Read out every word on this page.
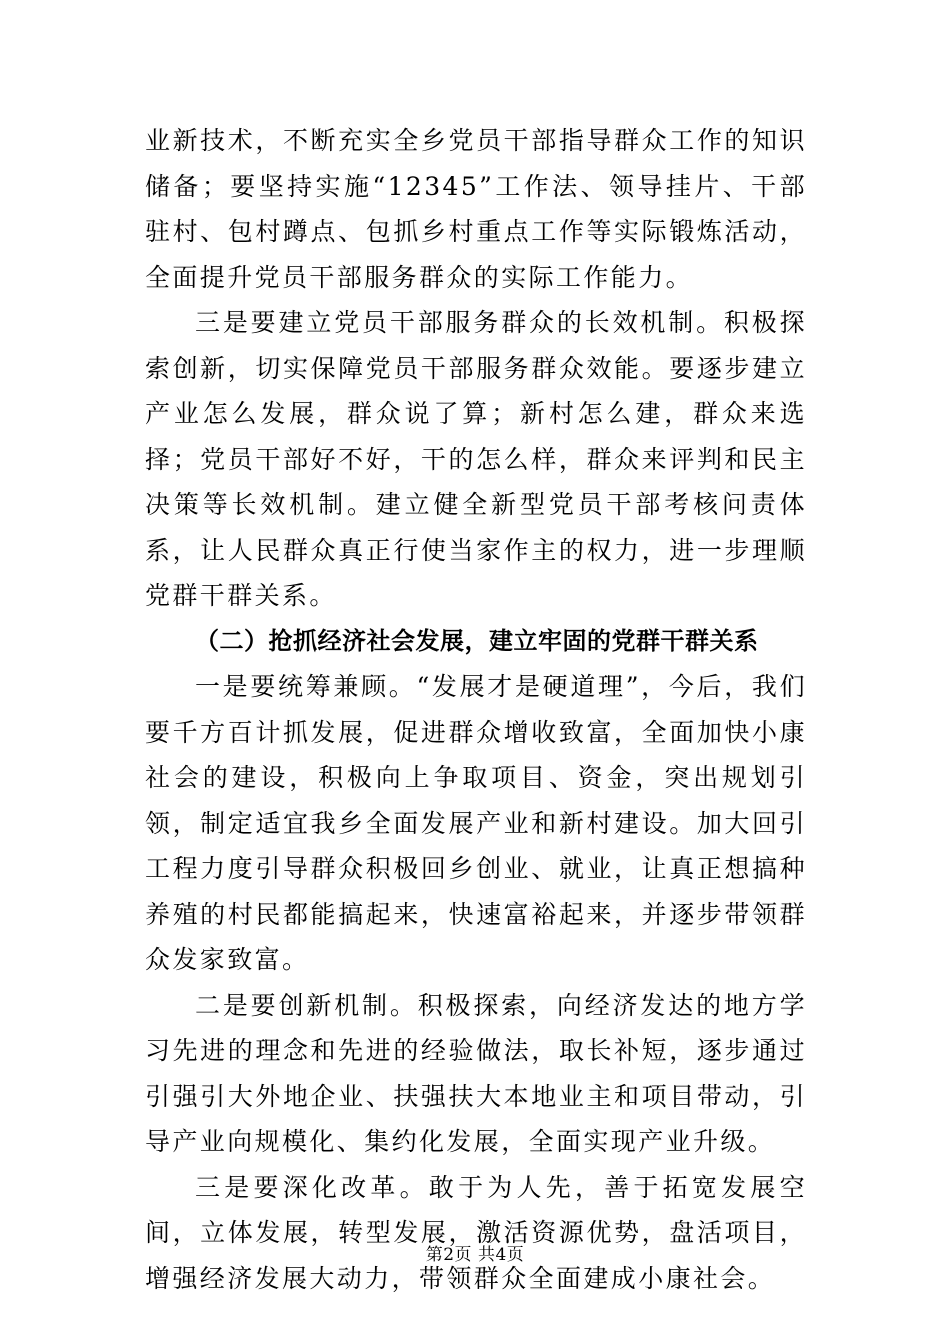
业新技术，不断充实全乡党员干部指导群众工作的知识储备；要坚持实施“12345”工作法、领导挂片、干部驻村、包村蹲点、包抓乡村重点工作等实际锻炼活动，全面提升党员干部服务群众的实际工作能力。

三是要建立党员干部服务群众的长效机制。积极探索创新，切实保障党员干部服务群众效能。要逐步建立产业怎么发展，群众说了算；新村怎么建，群众来选择；党员干部好不好，干的怎么样，群众来评判和民主决策等长效机制。建立健全新型党员干部考核问责体系，让人民群众真正行使当家作主的权力，进一步理顺党群干群关系。

（二）抢抓经济社会发展，建立牢固的党群干群关系

一是要统筹兼顾。“发展才是硬道理”，今后，我们要千方百计抓发展，促进群众增收致富，全面加快小康社会的建设，积极向上争取项目、资金，突出规划引领，制定适宜我乡全面发展产业和新村建设。加大回引工程力度引导群众积极回乡创业、就业，让真正想搞种养殖的村民都能搞起来，快速富裕起来，并逐步带领群众发家致富。

二是要创新机制。积极探索，向经济发达的地方学习先进的理念和先进的经验做法，取长补短，逐步通过引强引大外地企业、扶强扶大本地业主和项目带动，引导产业向规模化、集约化发展，全面实现产业升级。

三是要深化改革。敢于为人先，善于拓宽发展空间，立体发展，转型发展，激活资源优势，盘活项目，增强经济发展大动力，带领群众全面建成小康社会。

第2页 共4页
